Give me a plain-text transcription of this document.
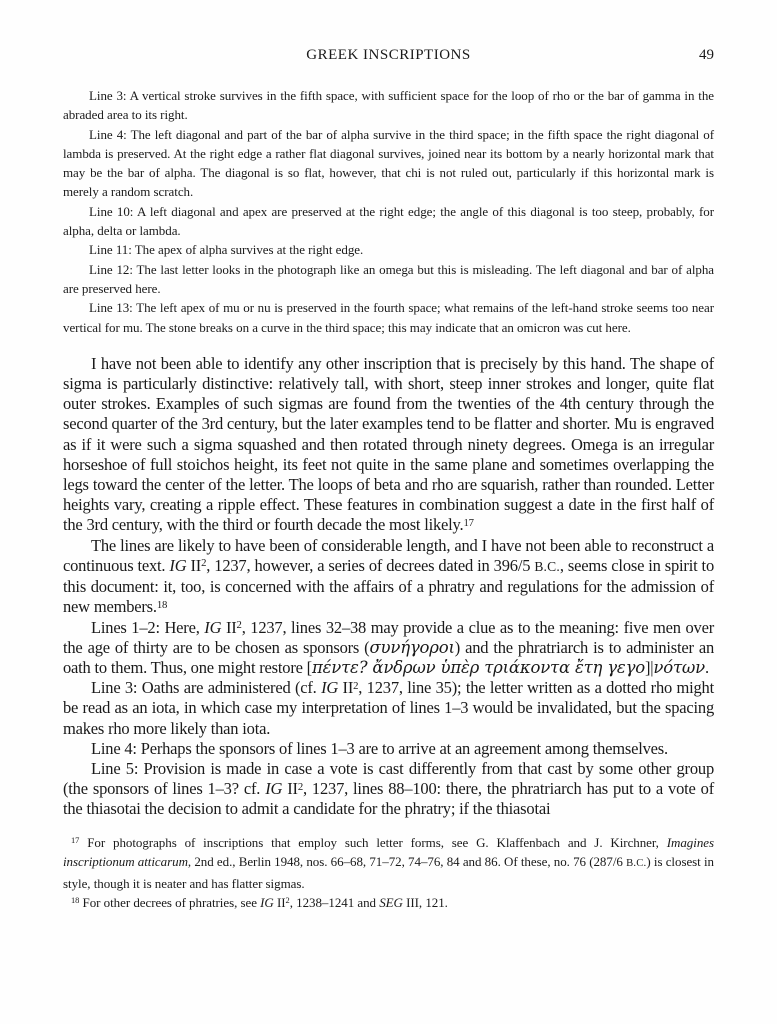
GREEK INSCRIPTIONS	49

Line 3: A vertical stroke survives in the fifth space, with sufficient space for the loop of rho or the bar of gamma in the abraded area to its right.

Line 4: The left diagonal and part of the bar of alpha survive in the third space; in the fifth space the right diagonal of lambda is preserved. At the right edge a rather flat diagonal survives, joined near its bottom by a nearly horizontal mark that may be the bar of alpha. The diagonal is so flat, however, that chi is not ruled out, particularly if this horizontal mark is merely a random scratch.

Line 10: A left diagonal and apex are preserved at the right edge; the angle of this diagonal is too steep, probably, for alpha, delta or lambda.

Line 11: The apex of alpha survives at the right edge.

Line 12: The last letter looks in the photograph like an omega but this is misleading. The left diagonal and bar of alpha are preserved here.

Line 13: The left apex of mu or nu is preserved in the fourth space; what remains of the left-hand stroke seems too near vertical for mu. The stone breaks on a curve in the third space; this may indicate that an omicron was cut here.

I have not been able to identify any other inscription that is precisely by this hand. The shape of sigma is particularly distinctive: relatively tall, with short, steep inner strokes and longer, quite flat outer strokes. Examples of such sigmas are found from the twenties of the 4th century through the second quarter of the 3rd century, but the later examples tend to be flatter and shorter. Mu is engraved as if it were such a sigma squashed and then rotated through ninety degrees. Omega is an irregular horseshoe of full stoichos height, its feet not quite in the same plane and sometimes overlapping the legs toward the center of the letter. The loops of beta and rho are squarish, rather than rounded. Letter heights vary, creating a ripple effect. These features in combination suggest a date in the first half of the 3rd century, with the third or fourth decade the most likely.$^{17}$

The lines are likely to have been of considerable length, and I have not been able to reconstruct a continuous text. IG $II^2$, 1237, however, a series of decrees dated in 396/5 B.C., seems close in spirit to this document: it, too, is concerned with the affairs of a phratry and regulations for the admission of new members.$^{18}$

Lines 1–2: Here, IG $II^2$, 1237, lines 32–38 may provide a clue as to the meaning: five men over the age of thirty are to be chosen as sponsors (συνήγοροι) and the phratriarch is to administer an oath to them. Thus, one might restore [πέντε? ἄνδρων ὑπὲρ τριάκοντα ἔτη γεγο]|νότων.

Line 3: Oaths are administered (cf. IG $II^2$, 1237, line 35); the letter written as a dotted rho might be read as an iota, in which case my interpretation of lines 1–3 would be invalidated, but the spacing makes rho more likely than iota.

Line 4: Perhaps the sponsors of lines 1–3 are to arrive at an agreement among themselves.

Line 5: Provision is made in case a vote is cast differently from that cast by some other group (the sponsors of lines 1–3? cf. IG $II^2$, 1237, lines 88–100: there, the phratriarch has put to a vote of the thiasotai the decision to admit a candidate for the phratry; if the thiasotai

$^{17}$ For photographs of inscriptions that employ such letter forms, see G. Klaffenbach and J. Kirchner, Imagines inscriptionum atticarum, 2nd ed., Berlin 1948, nos. 66–68, 71–72, 74–76, 84 and 86. Of these, no. 76 (287/6 B.C.) is closest in style, though it is neater and has flatter sigmas.

$^{18}$ For other decrees of phratries, see IG $II^2$, 1238–1241 and SEG III, 121.
